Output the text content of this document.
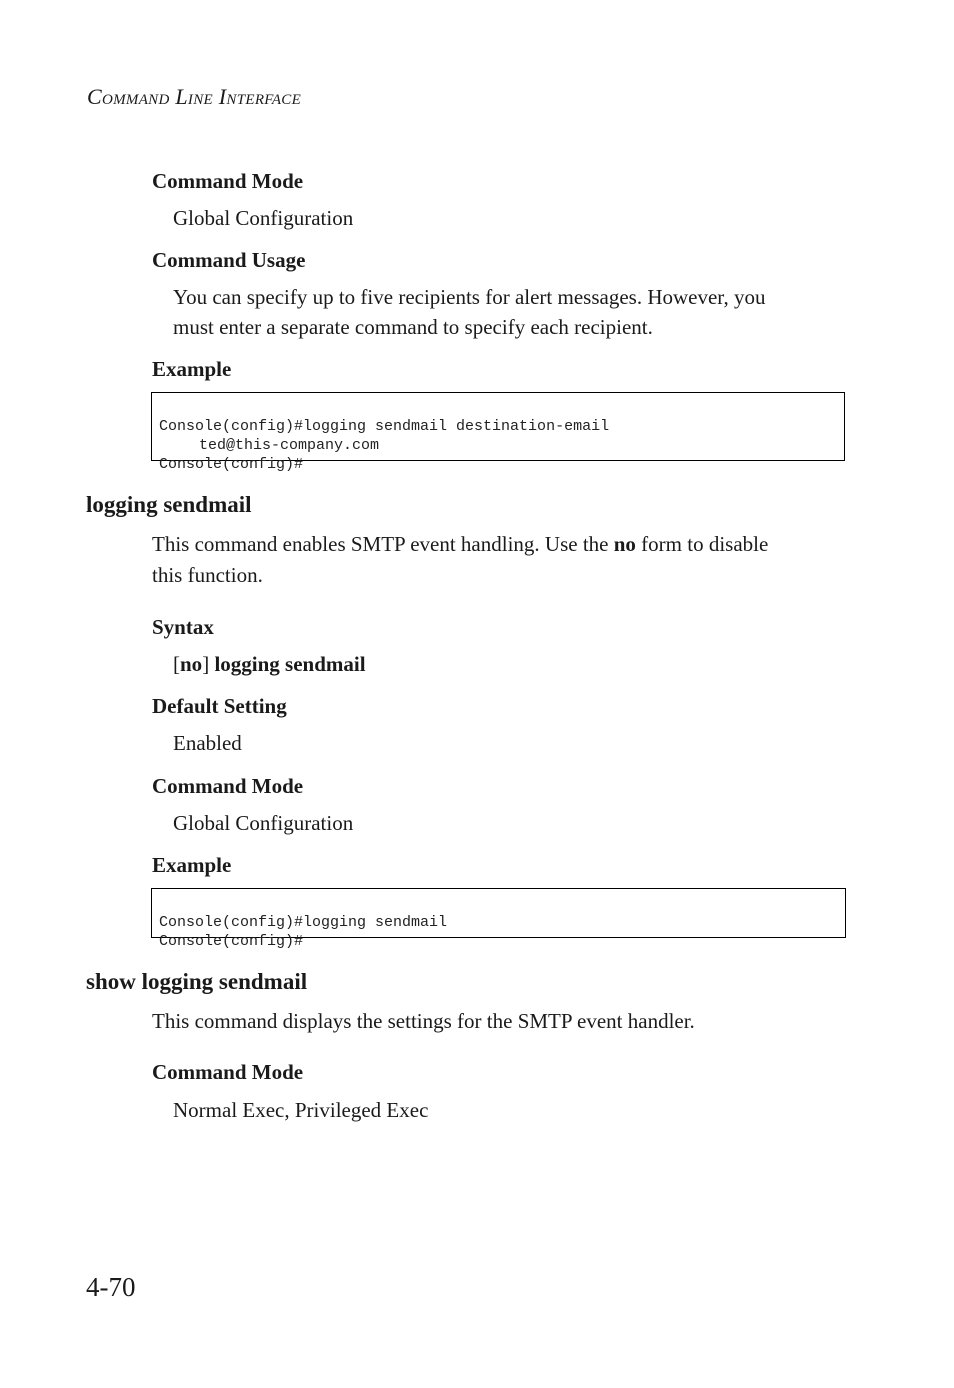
Command Line Interface
Command Mode
Global Configuration
Command Usage
You can specify up to five recipients for alert messages. However, you
must enter a separate command to specify each recipient.
Example

Console(config)#logging sendmail destination-email
ted@this-company.com
Console(config)#
logging sendmail
This command enables SMTP event handling. Use the no form to disable
this function.
Syntax
[no] logging sendmail
Default Setting
Enabled
Command Mode
Global Configuration
Example

Console(config)#logging sendmail
Console(config)#
show logging sendmail
This command displays the settings for the SMTP event handler.
Command Mode
Normal Exec, Privileged Exec
4-70
